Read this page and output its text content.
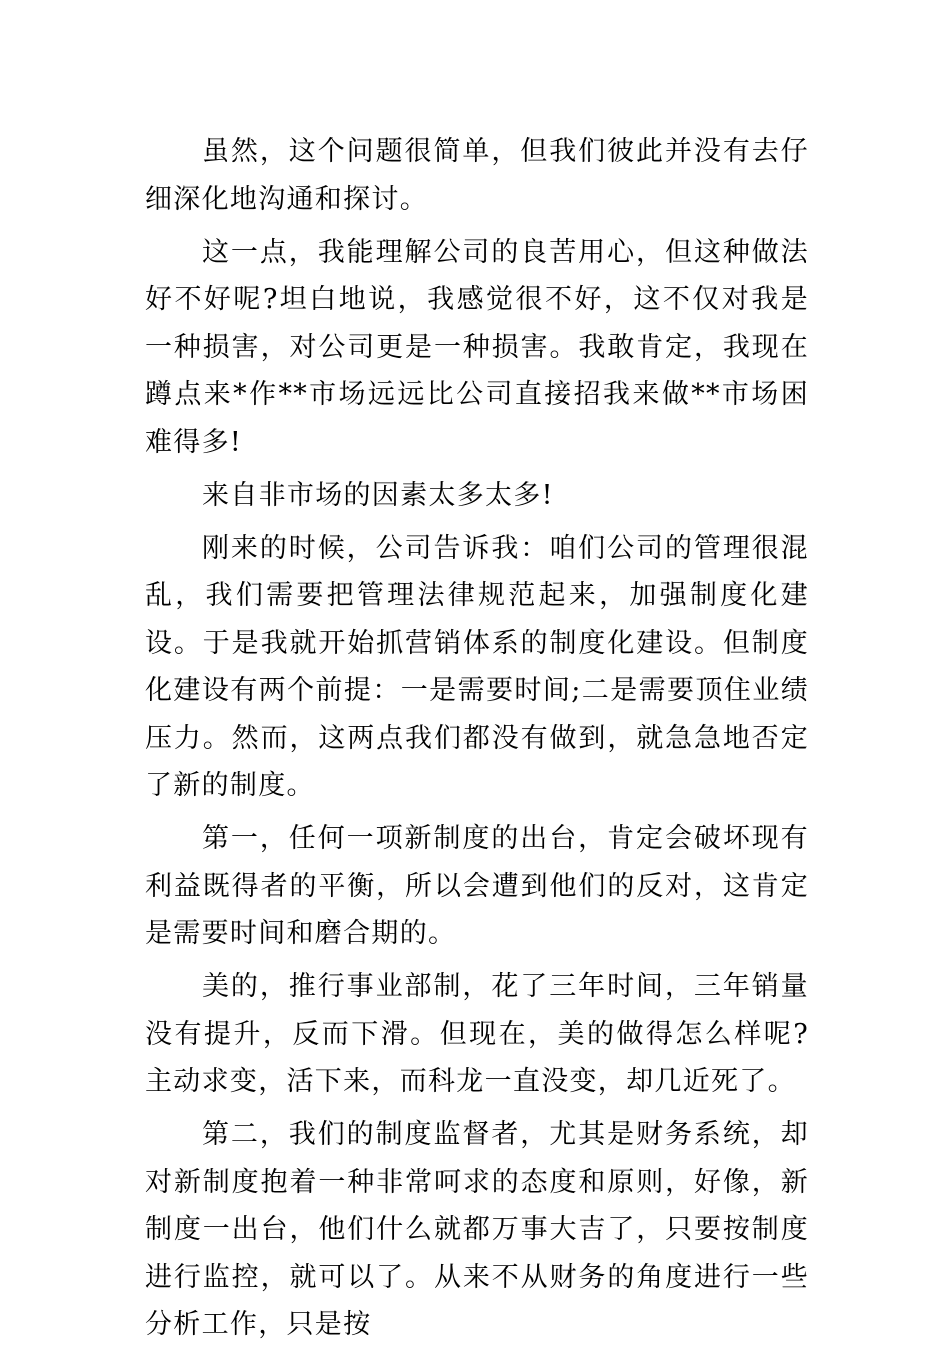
虽然，这个问题很简单，但我们彼此并没有去仔细深化地沟通和探讨。

这一点，我能理解公司的良苦用心，但这种做法好不好呢?坦白地说，我感觉很不好，这不仅对我是一种损害，对公司更是一种损害。我敢肯定，我现在蹲点来*作**市场远远比公司直接招我来做**市场困难得多!

来自非市场的因素太多太多!

刚来的时候，公司告诉我：咱们公司的管理很混乱，我们需要把管理法律规范起来，加强制度化建设。于是我就开始抓营销体系的制度化建设。但制度化建设有两个前提：一是需要时间;二是需要顶住业绩压力。然而，这两点我们都没有做到，就急急地否定了新的制度。

第一，任何一项新制度的出台，肯定会破坏现有利益既得者的平衡，所以会遭到他们的反对，这肯定是需要时间和磨合期的。

美的，推行事业部制，花了三年时间，三年销量没有提升，反而下滑。但现在，美的做得怎么样呢?主动求变，活下来，而科龙一直没变，却几近死了。

第二，我们的制度监督者，尤其是财务系统，却对新制度抱着一种非常呵求的态度和原则，好像，新制度一出台，他们什么就都万事大吉了，只要按制度进行监控，就可以了。从来不从财务的角度进行一些分析工作，只是按
